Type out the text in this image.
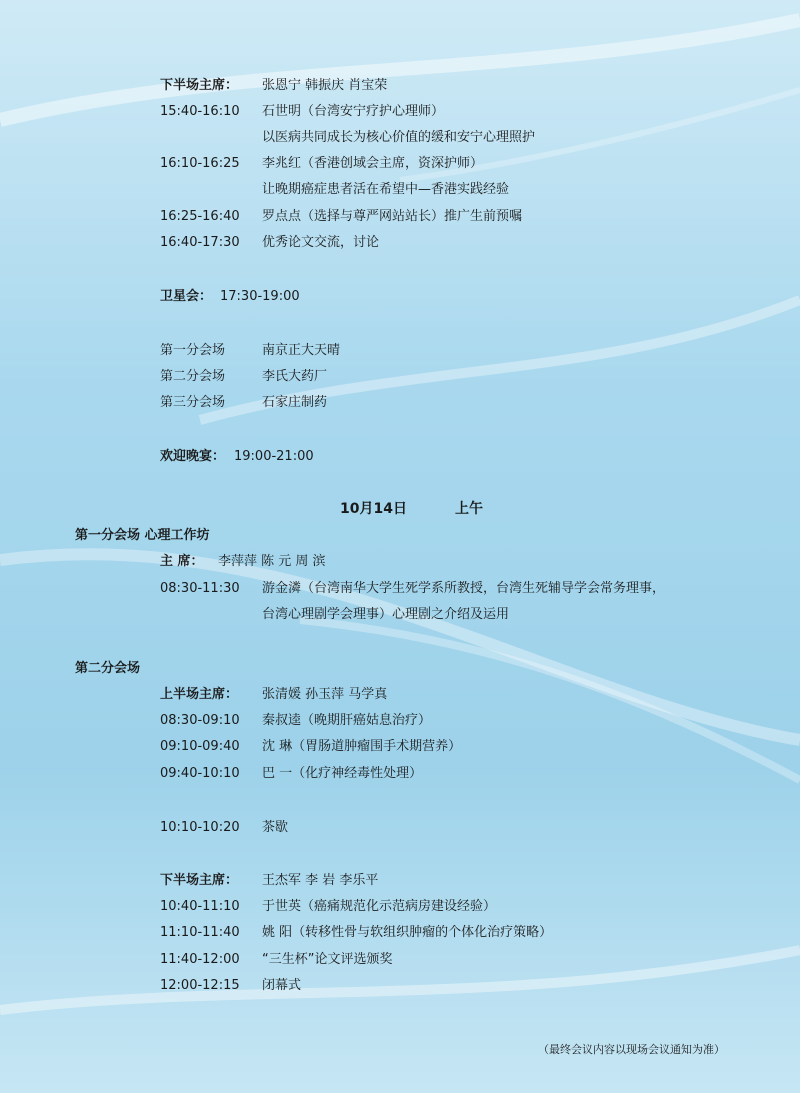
下半场主席： 张恩宁 韩振庆 肖宝荣
15:40-16:10 石世明（台湾安宁疗护心理师）
以医病共同成长为核心价值的缓和安宁心理照护
16:10-16:25 李兆红（香港创域会主席，资深护师）
让晚期癌症患者活在希望中—香港实践经验
16:25-16:40 罗点点（选择与尊严网站站长）推广生前预嘱
16:40-17:30 优秀论文交流，讨论
卫星会： 17:30-19:00
第一分会场	南京正大天晴
第二分会场	李氏大药厂
第三分会场	石家庄制药
欢迎晚宴： 19:00-21:00
10月14日	上午
第一分会场 心理工作坊
主 席： 李萍萍 陈 元 周 滨
08:30-11:30 游金潾（台湾南华大学生死学系所教授，台湾生死辅导学会常务理事，
台湾心理剧学会理事）心理剧之介绍及运用
第二分会场
上半场主席： 张清媛 孙玉萍 马学真
08:30-09:10 秦叔逵（晚期肝癌姑息治疗）
09:10-09:40 沈 琳（胃肠道肿瘤围手术期营养）
09:40-10:10 巴 一（化疗神经毒性处理）
10:10-10:20 茶歇
下半场主席： 王杰军 李 岩 李乐平
10:40-11:10 于世英（癌痛规范化示范病房建设经验）
11:10-11:40 姚 阳（转移性骨与软组织肿瘤的个体化治疗策略）
11:40-12:00 “三生杯”论文评选颁奖
12:00-12:15 闭幕式
（最终会议内容以现场会议通知为准）
